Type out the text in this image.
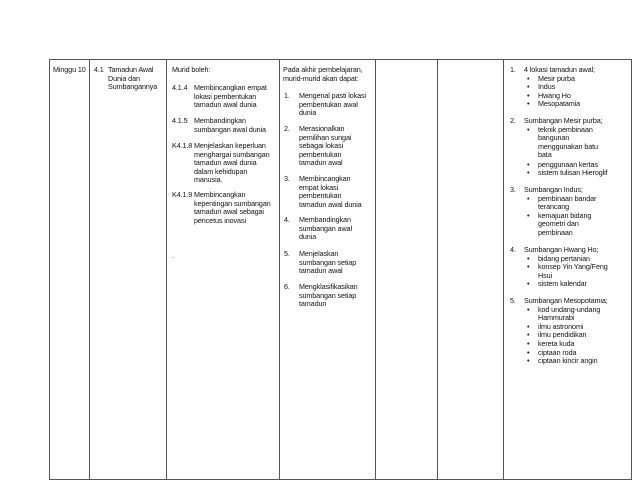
Minggu 10 4.1 Tamadun Awal
Dunia dan
Sumbangannya
Murid boleh:
4.1.4 Membincangkan empat
lokasi pembentukan
tamadun awal dunia
4.1.5 Membandingkan
sumbangan awal dunia
K4.1.8 Menjelaskan keperluan
menghargai sumbangan
tamadun awal dunia
dalam kehidupan
manusia.
K4.1.9 Membincangkan
kepentingan sumbangan
tamadun awal sebagai
pencetus inovasi
.
Pada akhir pembelajaran,
murid-murid akan dapat:
1. Mengenal pasti lokasi
pembentukan awal
dunia
2. Merasionalkan
pemilihan sungai
sebagai lokasi
pembentukan
tamadun awal
3. Membincangkan
empat lokasi
pembentukan
tamadun awal dunia
4. Membandingkan
sumbangan awal
dunia
5. Menjelaskan
sumbangan setiap
tamadun awal
6. Mengklasifikasikan
sumbangan setiap
tamadun
1. 4 lokasi tamadun awal;
• Mesir purba
• Indus
• Hwang Ho
• Mesopatamia
2. Sumbangan Mesir purba;
• teknik pembinaan
bangunan
menggunakan batu
bata
• penggunaan kertas
• sistem tulisan Hieroglif
3. Sumbangan Indus;
• pembinaan bandar
terancang
• kemajuan bidang
geometri dan
pembinaan
4. Sumbangan Hwang Ho;
• bidang pertanian
• konsep Yin Yang/Feng
Hsui
• sistem kalendar
5. Sumbangan Mesopotamia;
• kod undang-undang
Hammurabi
• ilmu astronomi
• ilmu pendidikan
• kereta kuda
• ciptaan roda
• ciptaan kincir angin
